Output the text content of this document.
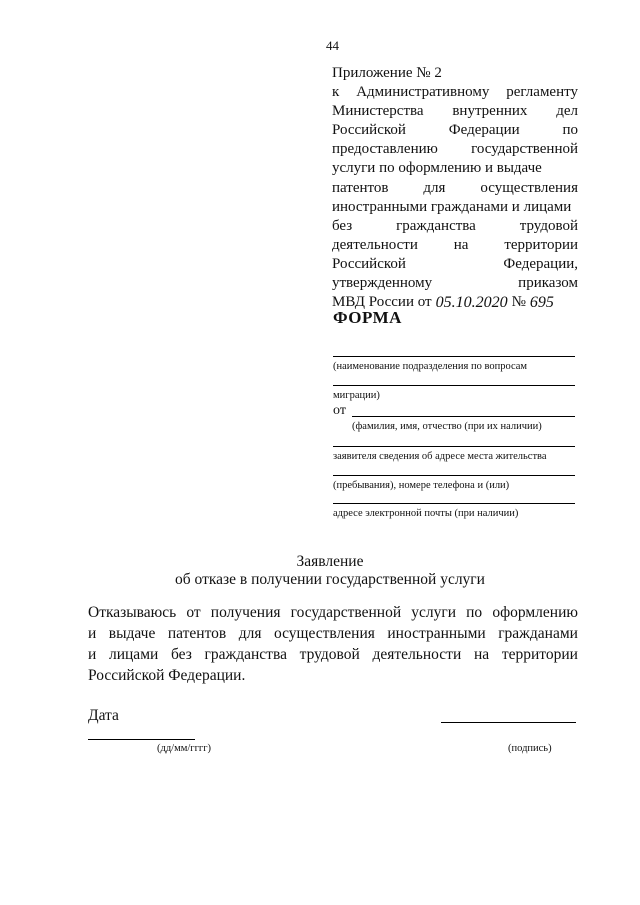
44
Приложение № 2
к Административному регламенту
Министерства внутренних дел
Российской	Федерации	по
предоставлению государственной
услуги по оформлению и выдаче
патентов для осуществления
иностранными гражданами и лицами
без	гражданства	трудовой
деятельности на территории
Российской	Федерации,
утвержденному	приказом
МВД России от 05.10.2020 № 695
ФОРМА
(наименование подразделения по вопросам
миграции)
от
(фамилия, имя, отчество (при их наличии)
заявителя сведения об адресе места жительства
(пребывания), номере телефона и (или)
адресе электронной почты (при наличии)
Заявление
об отказе в получении государственной услуги
Отказываюсь от получения государственной услуги по оформлению
и выдаче патентов для осуществления иностранными гражданами
и лицами без гражданства трудовой деятельности на территории
Российской Федерации.
Дата
(дд/мм/гггг)	(подпись)
